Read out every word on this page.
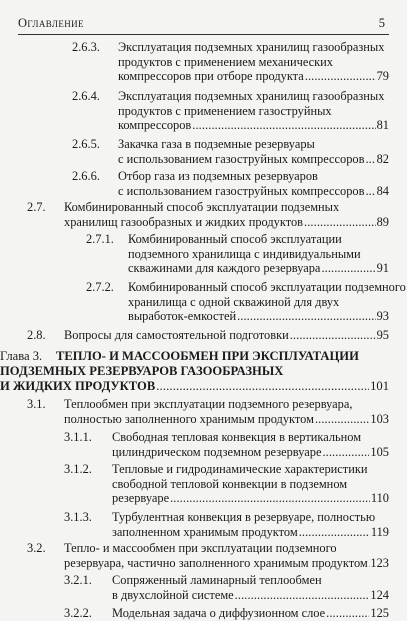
Оглавление	5
2.6.3. Эксплуатация подземных хранилищ газообразных
продуктов с применением механических
компрессоров при отборе продукта . . .	79
2.6.4. Эксплуатация подземных хранилищ газообразных
продуктов с применением газоструйных
компрессоров . . .	81
2.6.5. Закачка газа в подземные резервуары
с использованием газоструйных компрессоров . . . 82
2.6.6. Отбор газа из подземных резервуаров
с использованием газоструйных компрессоров . . . 84
2.7. Комбинированный способ эксплуатации подземных
хранилищ газообразных и жидких продуктов . . .	89
2.7.1. Комбинированный способ эксплуатации
подземного хранилища с индивидуальными
скважинами для каждого резервуара . . .	91
2.7.2. Комбинированный способ эксплуатации подземного
хранилища с одной скважиной для двух
выработок-емкостей . . .	93
2.8. Вопросы для самостоятельной подготовки . . .	95
Глава 3.	ТЕПЛО- И МАССООБМЕН ПРИ ЭКСПЛУАТАЦИИ
ПОДЗЕМНЫХ РЕЗЕРВУАРОВ ГАЗООБРАЗНЫХ
И ЖИДКИХ ПРОДУКТОВ . . .	101
3.1. Теплообмен при эксплуатации подземного резервуара,
полностью заполненного хранимым продуктом . . .	103
3.1.1. Свободная тепловая конвекция в вертикальном
цилиндрическом подземном резервуаре . . .	105
3.1.2. Тепловые и гидродинамические характеристики
свободной тепловой конвекции в подземном
резервуаре . . .	110
3.1.3. Турбулентная конвекция в резервуаре, полностью
заполненном хранимым продуктом . . .	119
3.2. Тепло- и массообмен при эксплуатации подземного
резервуара, частично заполненного хранимым продуктом . . . 123
3.2.1. Сопряженный ламинарный теплообмен
в двухслойной системе . . .	124
3.2.2. Модельная задача о диффузионном слое . . .	125
